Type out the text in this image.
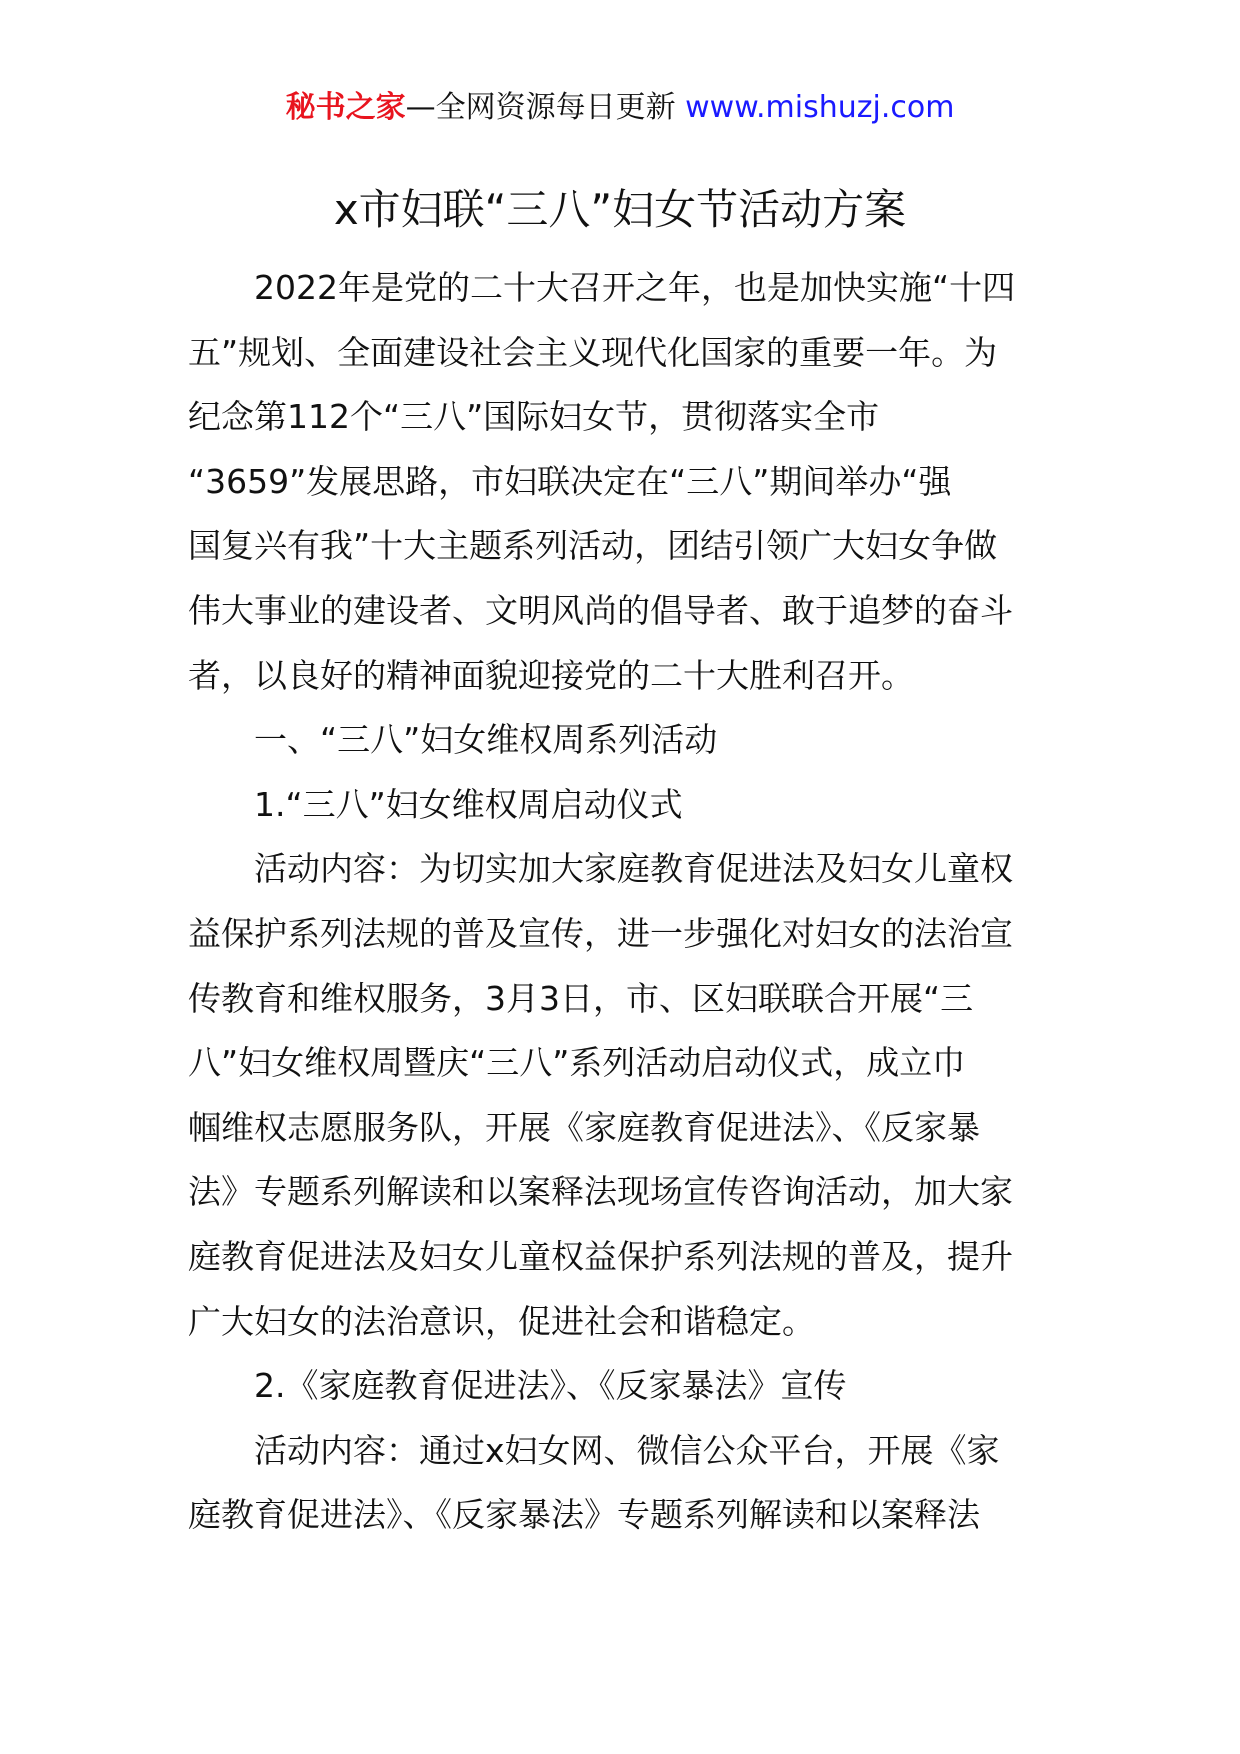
秘书之家—全网资源每日更新 www.mishuzj.com
x市妇联“三八”妇女节活动方案
2022年是党的二十大召开之年，也是加快实施“十四
五”规划、全面建设社会主义现代化国家的重要一年。为
纪念第112个“三八”国际妇女节，贯彻落实全市
“3659”发展思路，市妇联决定在“三八”期间举办“强
国复兴有我”十大主题系列活动，团结引领广大妇女争做
伟大事业的建设者、文明风尚的倡导者、敢于追梦的奋斗
者，以良好的精神面貌迎接党的二十大胜利召开。
一、“三八”妇女维权周系列活动
1.“三八”妇女维权周启动仪式
活动内容：为切实加大家庭教育促进法及妇女儿童权
益保护系列法规的普及宣传，进一步强化对妇女的法治宣
传教育和维权服务，3月3日，市、区妇联联合开展“三
八”妇女维权周暨庆“三八”系列活动启动仪式，成立巾
帼维权志愿服务队，开展《家庭教育促进法》、《反家暴
法》专题系列解读和以案释法现场宣传咨询活动，加大家
庭教育促进法及妇女儿童权益保护系列法规的普及，提升
广大妇女的法治意识，促进社会和谐稳定。
2.《家庭教育促进法》、《反家暴法》宣传
活动内容：通过x妇女网、微信公众平台，开展《家
庭教育促进法》、《反家暴法》专题系列解读和以案释法
